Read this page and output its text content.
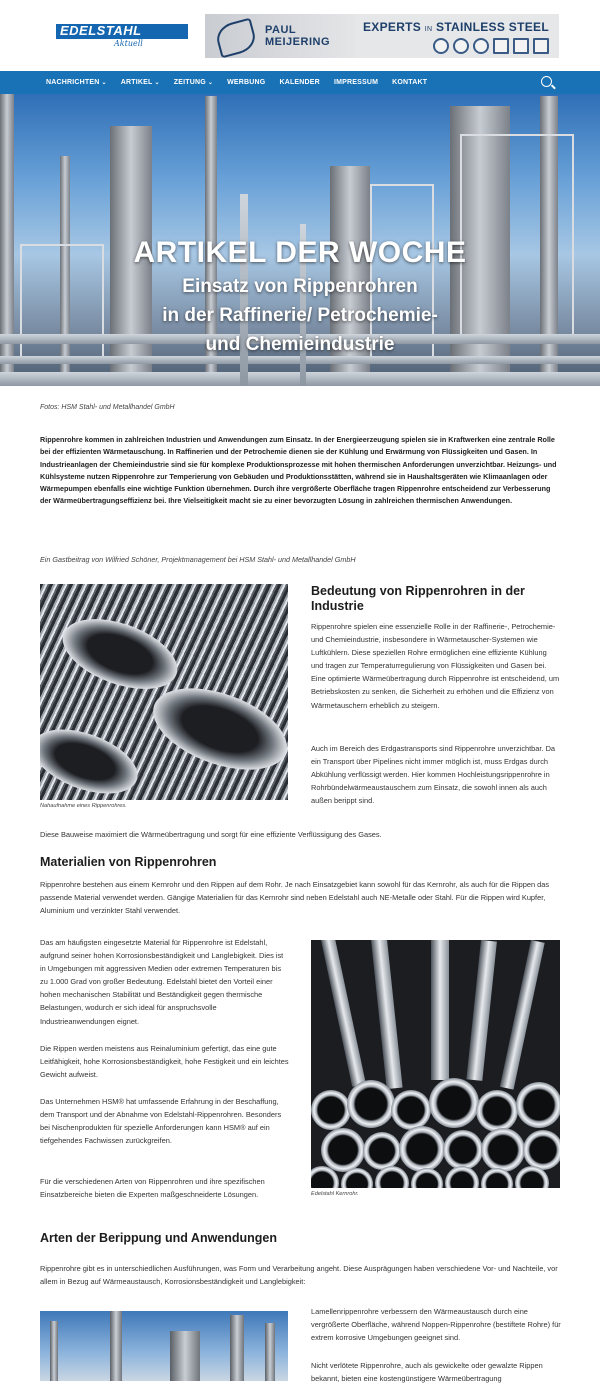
EDELSTAHL
Aktuell
PAUL
MEIJERING
EXPERTS IN STAINLESS STEEL
NACHRICHTEN ⌄ ARTIKEL ⌄ ZEITUNG ⌄ WERBUNG KALENDER IMPRESSUM KONTAKT
ARTIKEL DER WOCHE
Einsatz von Rippenrohren
in der Raffinerie/ Petrochemie-
und Chemieindustrie
Fotos: HSM Stahl- und Metallhandel GmbH
Rippenrohre kommen in zahlreichen Industrien und Anwendungen zum Einsatz. In der Energieerzeugung spielen sie in Kraftwerken eine zentrale Rolle bei der effizienten Wärmetauschung. In Raffinerien und der Petrochemie dienen sie der Kühlung und Erwärmung von Flüssigkeiten und Gasen. In Industrieanlagen der Chemieindustrie sind sie für komplexe Produktionsprozesse mit hohen thermischen Anforderungen unverzichtbar. Heizungs- und Kühlsysteme nutzen Rippenrohre zur Temperierung von Gebäuden und Produktionsstätten, während sie in Haushaltsgeräten wie Klimaanlagen oder Wärmepumpen ebenfalls eine wichtige Funktion übernehmen. Durch ihre vergrößerte Oberfläche tragen Rippenrohre entscheidend zur Verbesserung der Wärmeübertragungseffizienz bei. Ihre Vielseitigkeit macht sie zu einer bevorzugten Lösung in zahlreichen thermischen Anwendungen.
Ein Gastbeitrag von Wilfried Schöner, Projektmanagement bei HSM Stahl- und Metallhandel GmbH
Nahaufnahme eines Rippenrohres.
Bedeutung von Rippenrohren in der Industrie
Rippenrohre spielen eine essenzielle Rolle in der Raffinerie-, Petrochemie- und Chemieindustrie, insbesondere in Wärmetauscher-Systemen wie Luftkühlern. Diese speziellen Rohre ermöglichen eine effiziente Kühlung und tragen zur Temperaturregulierung von Flüssigkeiten und Gasen bei. Eine optimierte Wärmeübertragung durch Rippenrohre ist entscheidend, um Betriebskosten zu senken, die Sicherheit zu erhöhen und die Effizienz von Wärmetauschern erheblich zu steigern.
Auch im Bereich des Erdgastransports sind Rippenrohre unverzichtbar. Da ein Transport über Pipelines nicht immer möglich ist, muss Erdgas durch Abkühlung verflüssigt werden. Hier kommen Hochleistungsrippenrohre in Rohrbündelwärmeaustauschern zum Einsatz, die sowohl innen als auch außen berippt sind.
Diese Bauweise maximiert die Wärmeübertragung und sorgt für eine effiziente Verflüssigung des Gases.
Materialien von Rippenrohren
Rippenrohre bestehen aus einem Kernrohr und den Rippen auf dem Rohr. Je nach Einsatzgebiet kann sowohl für das Kernrohr, als auch für die Rippen das passende Material verwendet werden. Gängige Materialien für das Kernrohr sind neben Edelstahl auch NE-Metalle oder Stahl. Für die Rippen wird Kupfer, Aluminium und verzinkter Stahl verwendet.
Das am häufigsten eingesetzte Material für Rippenrohre ist Edelstahl, aufgrund seiner hohen Korrosionsbeständigkeit und Langlebigkeit. Dies ist in Umgebungen mit aggressiven Medien oder extremen Temperaturen bis zu 1.000 Grad von großer Bedeutung. Edelstahl bietet den Vorteil einer hohen mechanischen Stabilität und Beständigkeit gegen thermische Belastungen, wodurch er sich ideal für anspruchsvolle Industrieanwendungen eignet.
Die Rippen werden meistens aus Reinaluminium gefertigt, das eine gute Leitfähigkeit, hohe Korrosionsbeständigkeit, hohe Festigkeit und ein leichtes Gewicht aufweist.
Das Unternehmen HSM® hat umfassende Erfahrung in der Beschaffung, dem Transport und der Abnahme von Edelstahl-Rippenrohren. Besonders bei Nischenprodukten für spezielle Anforderungen kann HSM® auf ein tiefgehendes Fachwissen zurückgreifen.
Für die verschiedenen Arten von Rippenrohren und ihre spezifischen Einsatzbereiche bieten die Experten maßgeschneiderte Lösungen.	Edelstahl Kernrohr.
Arten der Berippung und Anwendungen
Rippenrohre gibt es in unterschiedlichen Ausführungen, was Form und Verarbeitung angeht. Diese Ausprägungen haben verschiedene Vor- und Nachteile, vor allem in Bezug auf Wärmeaustausch, Korrosionsbeständigkeit und Langlebigkeit:
Lamellenrippenrohre verbessern den Wärmeaustausch durch eine vergrößerte Oberfläche, während Noppen-Rippenrohre (bestiftete Rohre) für extrem korrosive Umgebungen geeignet sind.
Nicht verlötete Rippenrohre, auch als gewickelte oder gewalzte Rippen bekannt, bieten eine kostengünstigere Wärmeübertragung
